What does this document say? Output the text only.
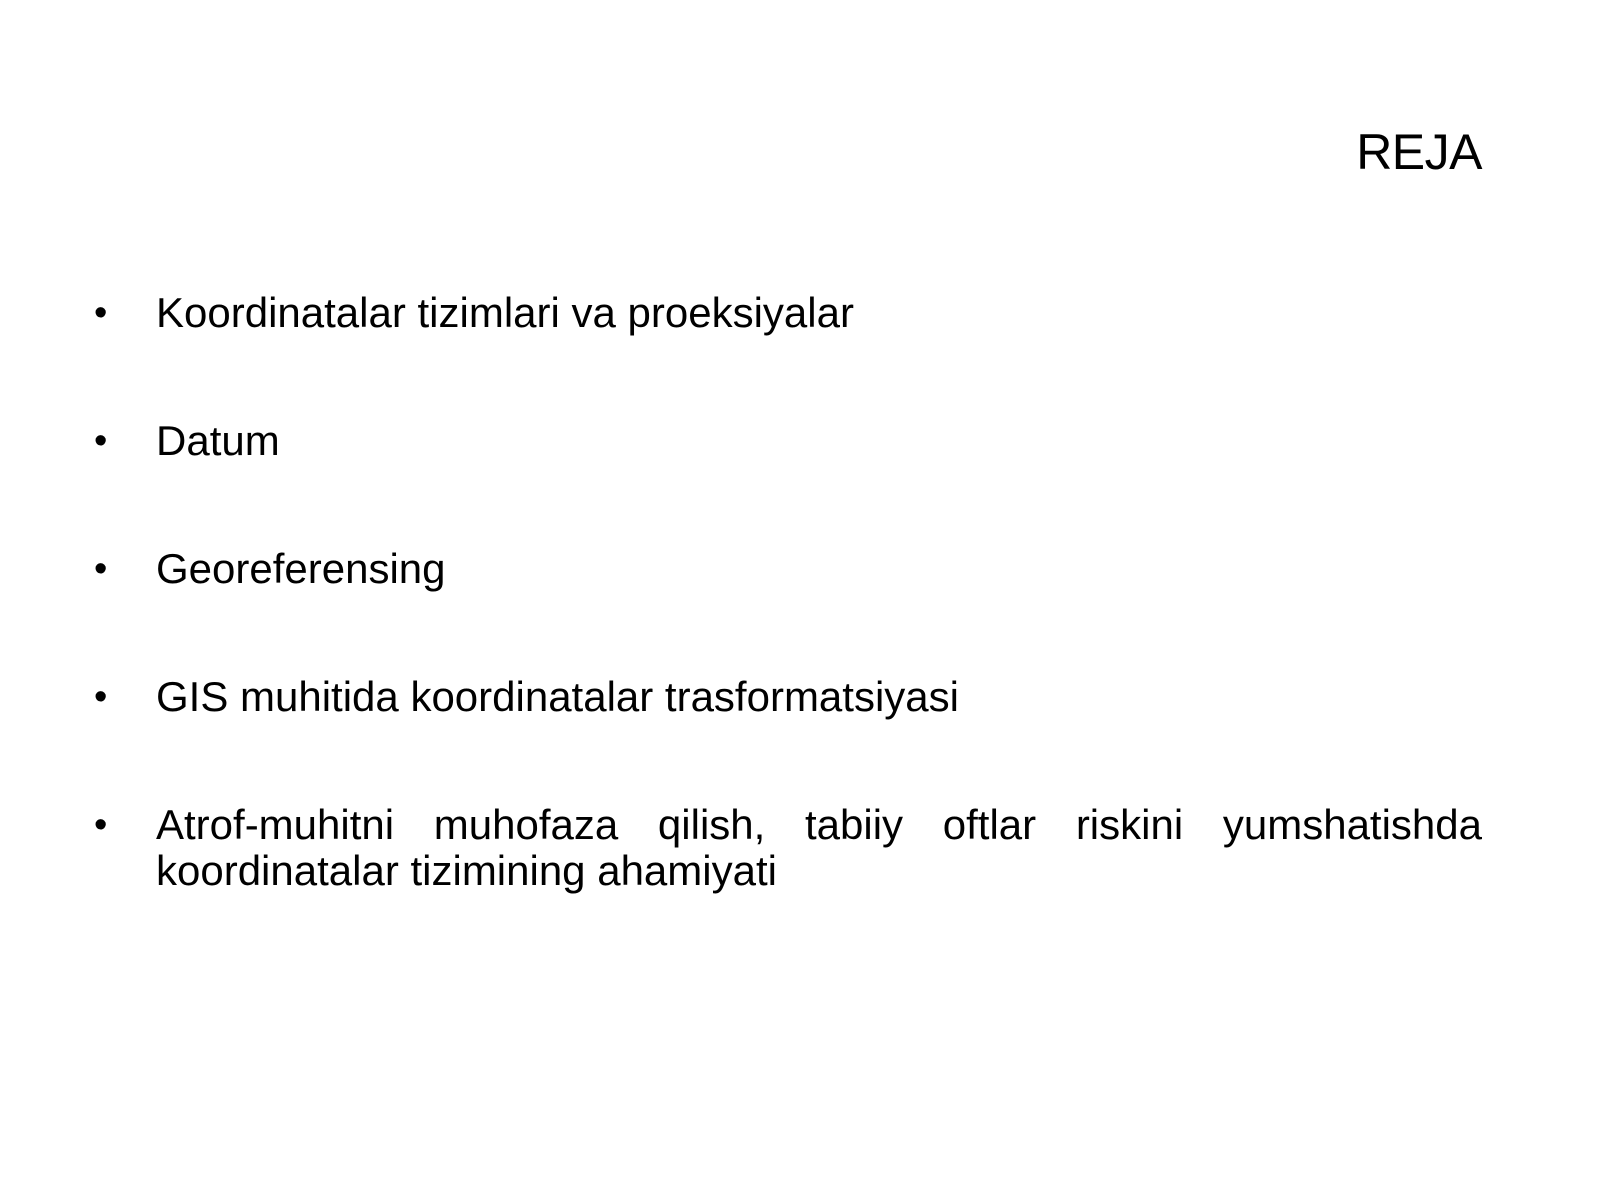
REJA
• Koordinatalar tizimlari va proeksiyalar
• Datum
• Georeferensing
• GIS muhitida koordinatalar trasformatsiyasi
• Atrof-muhitni muhofaza qilish, tabiiy oftlar riskini yumshatishda koordinatalar tizimining ahamiyati
